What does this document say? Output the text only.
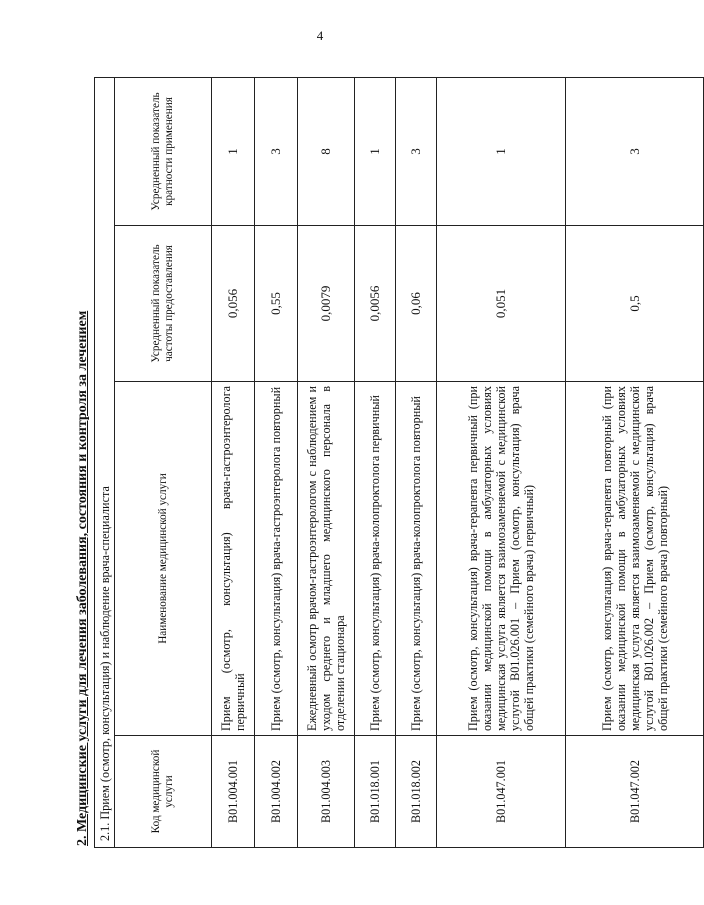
4
2. Медицинские услуги для лечения заболевания, состояния и контроля за лечением 2.1. Прием (осмотр, консультация) и наблюдение врача-специалиста			
Код медицинской услуги	Наименование медицинской услуги	Усредненный показатель частоты предоставления	Усредненный показатель кратности применения
B01.004.001	Прием (осмотр, консультация) врача-гастроэнтеролога первичный	0,056	1
B01.004.002	Прием (осмотр, консультация) врача-гастроэнтеролога повторный	0,55	3
B01.004.003	Ежедневный осмотр врачом-гастроэнтерологом с наблюдением и уходом среднего и младшего медицинского персонала в отделении стационара	0,0079	8
B01.018.001	Прием (осмотр, консультация) врача-колопроктолога первичный	0,0056	1
B01.018.002	Прием (осмотр, консультация) врача-колопроктолога повторный	0,06	3
B01.047.001	Прием (осмотр, консультация) врача-терапевта первичный (при оказании медицинской помощи в амбулаторных условиях медицинская услуга является взаимозаменяемой с медицинской услугой B01.026.001 – Прием (осмотр, консультация) врача общей практики (семейного врача) первичный)	0,051	1
B01.047.002	Прием (осмотр, консультация) врача-терапевта повторный (при оказании медицинской помощи в амбулаторных условиях медицинская услуга является взаимозаменяемой с медицинской услугой B01.026.002 – Прием (осмотр, консультация) врача общей практики (семейного врача) повторный)	0,5	3
